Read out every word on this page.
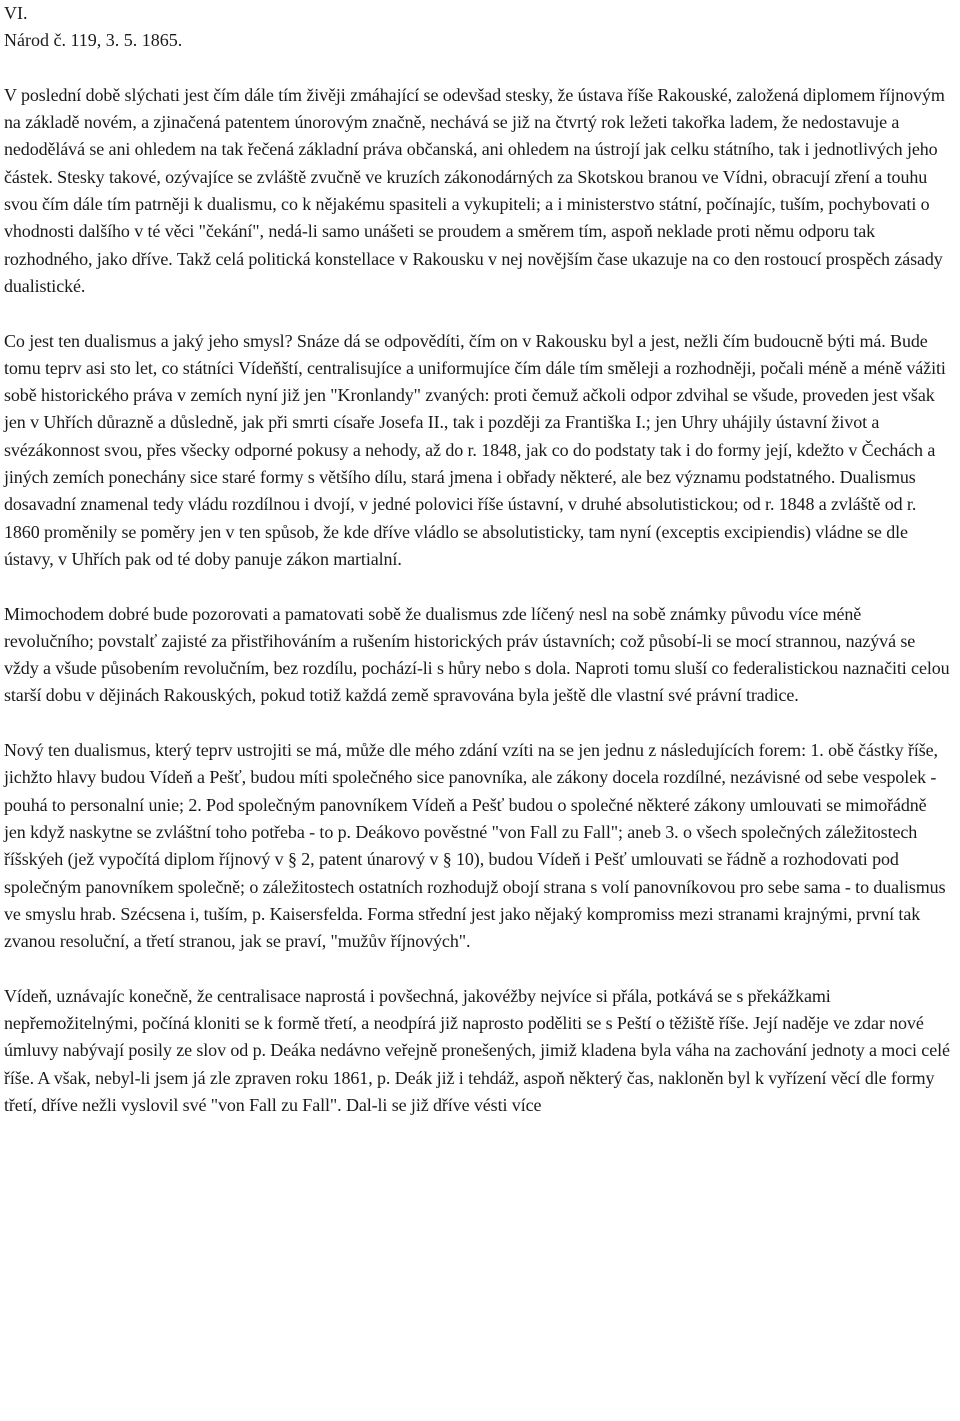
VI.
Národ č. 119, 3. 5. 1865.

V poslední době slýchati jest čím dále tím živěji zmáhající se odevšad stesky, že ústava říše Rakouské, založená diplomem říjnovým na základě novém, a zjinačená patentem únorovým značně, nechává se již na čtvrtý rok ležeti takořka ladem, že nedostavuje a nedodělává se ani ohledem na tak řečená základní práva občanská, ani ohledem na ústrojí jak celku státního, tak i jednotlivých jeho částek. Stesky takové, ozývajíce se zvláště zvučně ve kruzích zákonodárných za Skotskou branou ve Vídni, obracují zření a touhu svou čím dále tím patrněji k dualismu, co k nějakému spasiteli a vykupiteli; a i ministerstvo státní, počínajíc, tuším, pochybovati o vhodnosti dalšího v té věci "čekání", nedá-li samo unášeti se proudem a směrem tím, aspoň neklade proti němu odporu tak rozhodného, jako dříve. Takž celá politická konstellace v Rakousku v nej novějším čase ukazuje na co den rostoucí prospěch zásady dualistické.

Co jest ten dualismus a jaký jeho smysl? Snáze dá se odpovědíti, čím on v Rakousku byl a jest, nežli čím budoucně býti má. Bude tomu teprv asi sto let, co státníci Vídeňští, centralisujíce a uniformujíce čím dále tím směleji a rozhodněji, počali méně a méně vážiti sobě historického práva v zemích nyní již jen "Kronlandy" zvaných: proti čemuž ačkoli odpor zdvihal se všude, proveden jest však jen v Uhřích důrazně a důsledně, jak při smrti císaře Josefa II., tak i později za Františka I.; jen Uhry uhájily ústavní život a svézákonnost svou, přes všecky odporné pokusy a nehody, až do r. 1848, jak co do podstaty tak i do formy její, kdežto v Čechách a jiných zemích ponechány sice staré formy s většího dílu, stará jmena i obřady některé, ale bez významu podstatného. Dualismus dosavadní znamenal tedy vládu rozdílnou i dvojí, v jedné polovici říše ústavní, v druhé absolutistickou; od r. 1848 a zvláště od r. 1860 proměnily se poměry jen v ten spůsob, že kde dříve vládlo se absolutisticky, tam nyní (exceptis excipiendis) vládne se dle ústavy, v Uhřích pak od té doby panuje zákon martialní.

Mimochodem dobré bude pozorovati a pamatovati sobě že dualismus zde líčený nesl na sobě známky původu více méně revolučního; povstalť zajisté za přistřihováním a rušením historických práv ústavních; což působí-li se mocí strannou, nazývá se vždy a všude působením revolučním, bez rozdílu, pochází-li s hůry nebo s dola. Naproti tomu sluší co federalistickou naznačiti celou starší dobu v dějinách Rakouských, pokud totiž každá země spravována byla ještě dle vlastní své právní tradice.

Nový ten dualismus, který teprv ustrojiti se má, může dle mého zdání vzíti na se jen jednu z následujících forem: 1. obě částky říše, jichžto hlavy budou Vídeň a Pešť, budou míti společného sice panovníka, ale zákony docela rozdílné, nezávisné od sebe vespolek - pouhá to personalní unie; 2. Pod společným panovníkem Vídeň a Pešť budou o společné některé zákony umlouvati se mimořádně jen když naskytne se zvláštní toho potřeba - to p. Deákovo pověstné "von Fall zu Fall"; aneb 3. o všech společných záležitostech říšskýeh (jež vypočítá diplom říjnový v § 2, patent únarový v § 10), budou Vídeň i Pešť umlouvati se řádně a rozhodovati pod společným panovníkem společně; o záležitostech ostatních rozhodujž obojí strana s volí panovníkovou pro sebe sama - to dualismus ve smyslu hrab. Szécsena i, tuším, p. Kaisersfelda. Forma střední jest jako nějaký kompromiss mezi stranami krajnými, první tak zvanou resoluční, a třetí stranou, jak se praví, "mužův říjnových".

Vídeň, uznávajíc konečně, že centralisace naprostá i povšechná, jakovéžby nejvíce si přála, potkává se s překážkami nepřemožitelnými, počíná kloniti se k formě třetí, a neodpírá již naprosto poděliti se s Peští o těžiště říše. Její naděje ve zdar nové úmluvy nabývají posily ze slov od p. Deáka nedávno veřejně pronešených, jimiž kladena byla váha na zachování jednoty a moci celé říše. A však, nebyl-li jsem já zle zpraven roku 1861, p. Deák již i tehdáž, aspoň některý čas, nakloněn byl k vyřízení věcí dle formy třetí, dříve nežli vyslovil své "von Fall zu Fall". Dal-li se již dříve vésti více
